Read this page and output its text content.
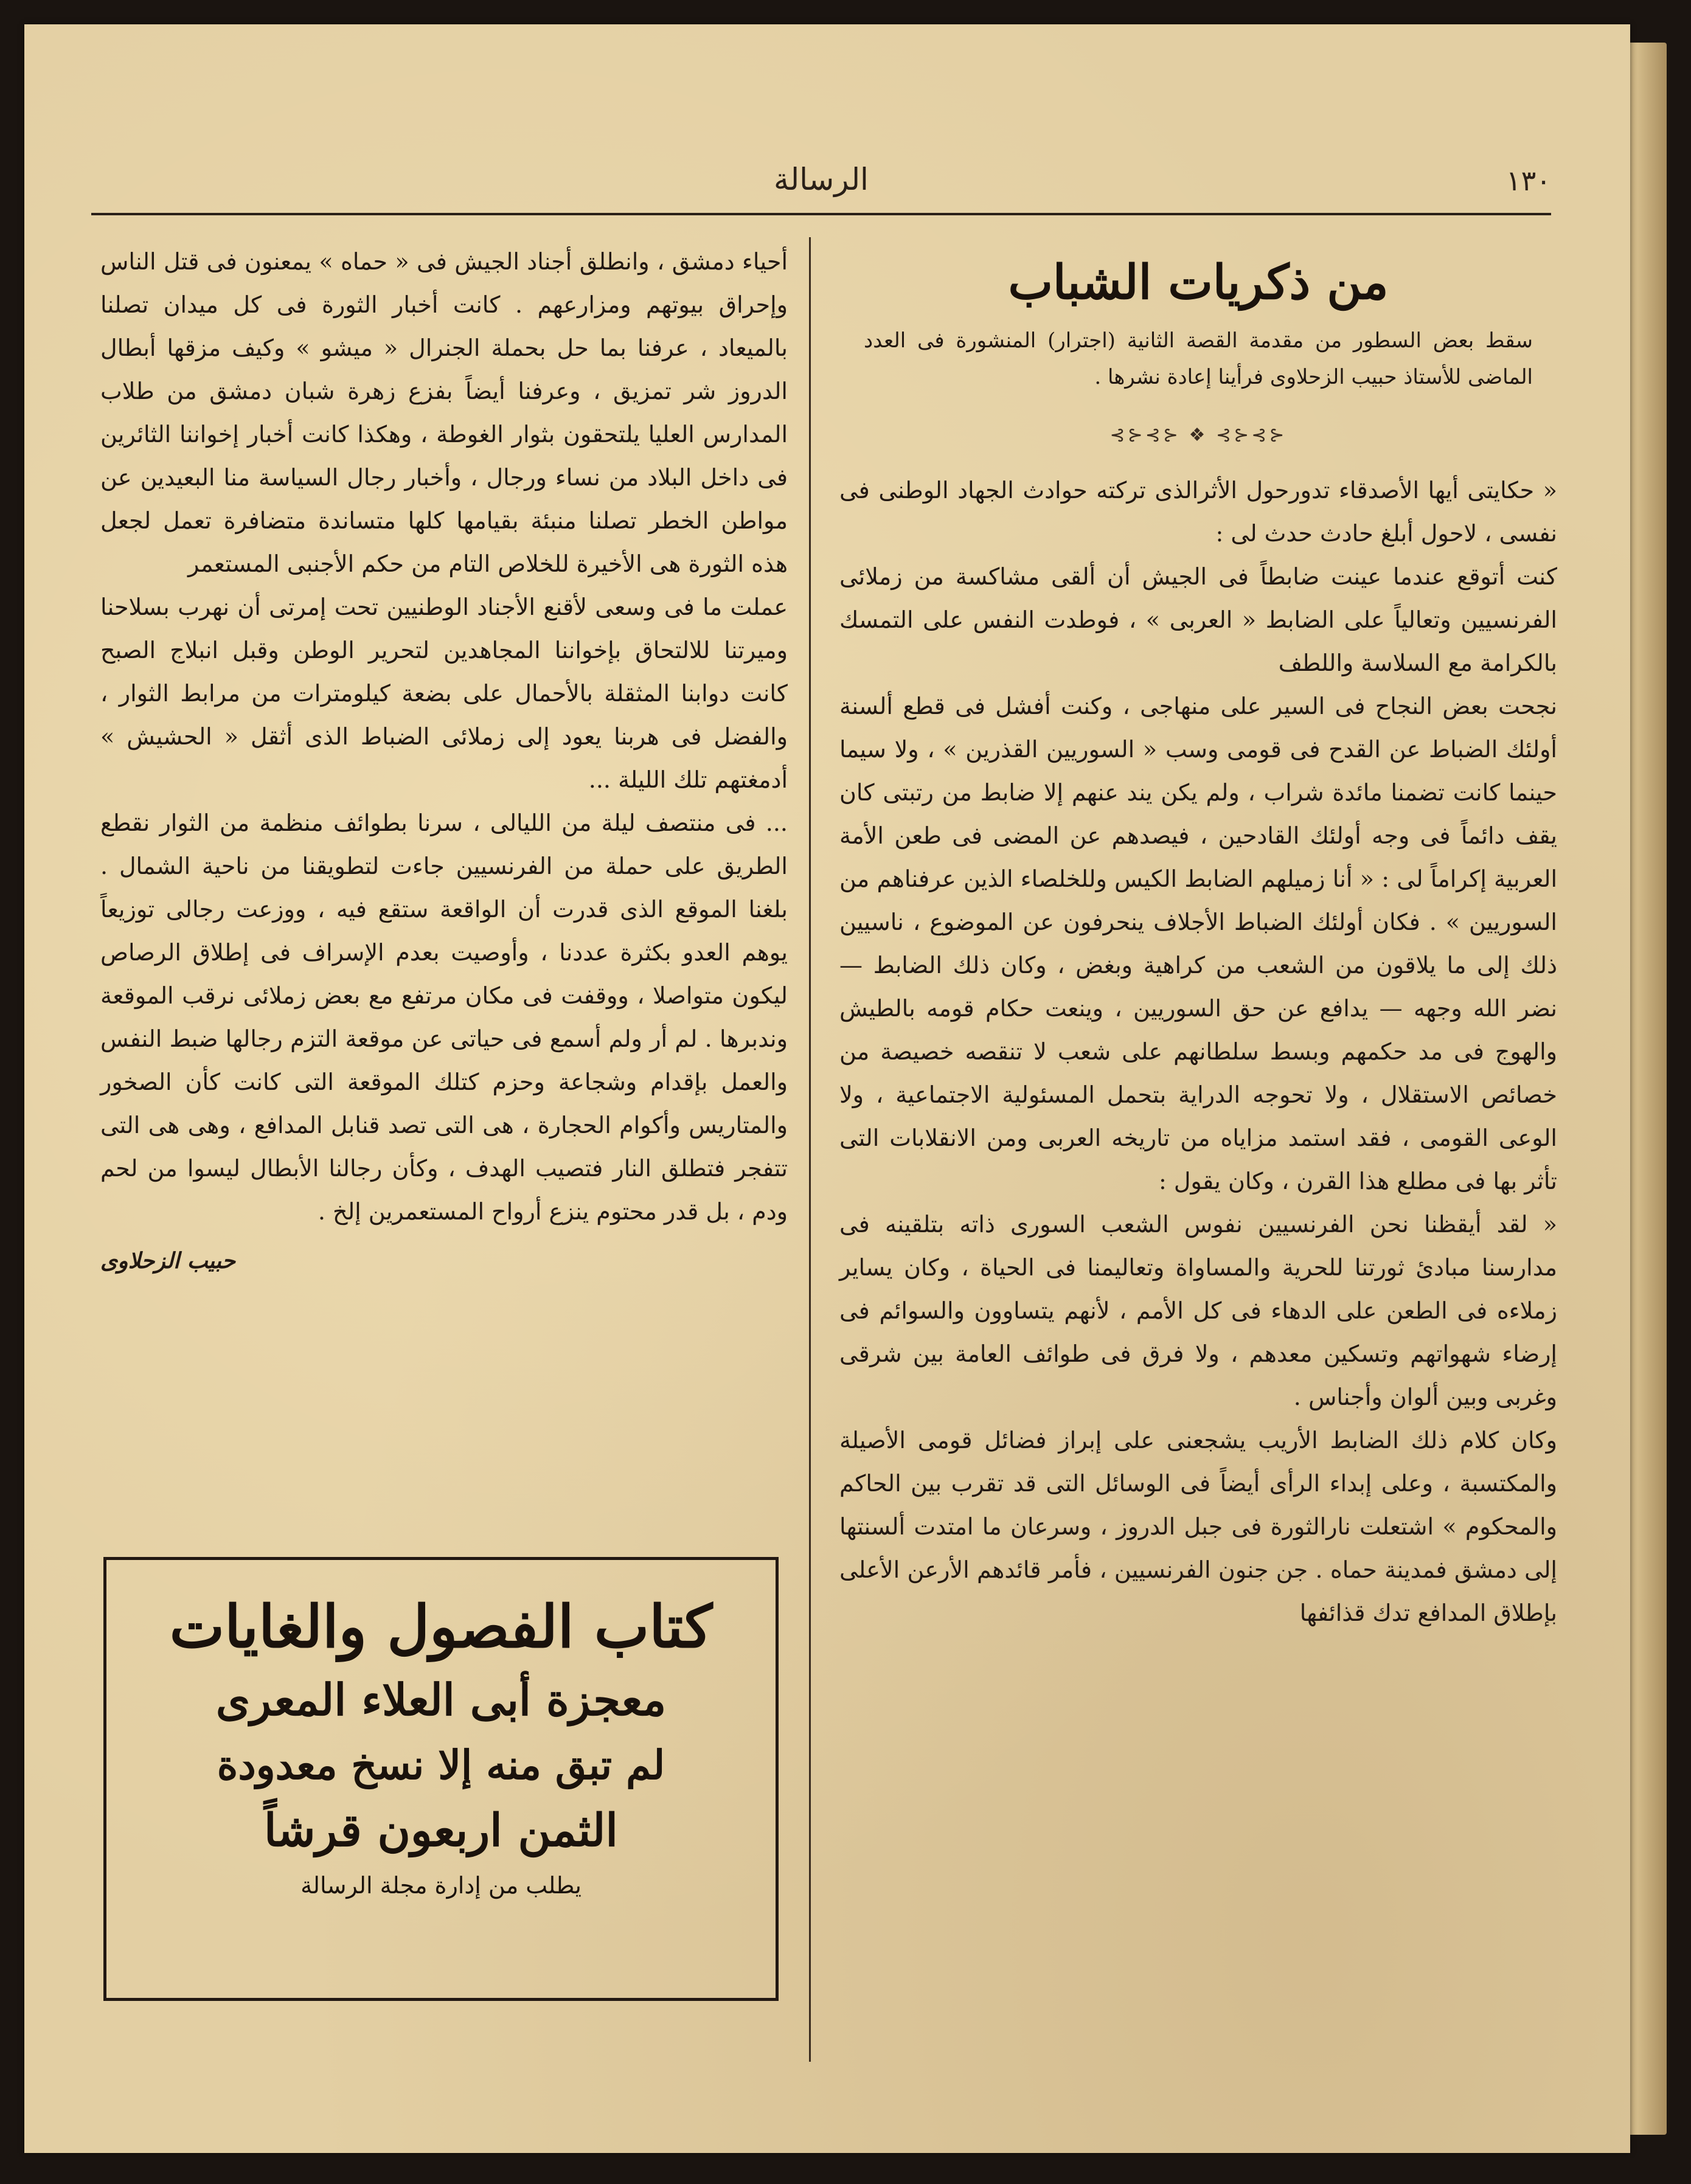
١٣٠
الرسالة
من ذكريات الشباب

سقط بعض السطور من مقدمة القصة الثانية (اجترار) المنشورة فى العدد الماضى للأستاذ حبيب الزحلاوى فرأينا إعادة نشرها .

⊰⊱⊰⊱ ❖ ⊰⊱⊰⊱

« حكايتى أيها الأصدقاء تدورحول الأثرالذى تركته حوادث الجهاد الوطنى فى نفسى ، لاحول أبلغ حادث حدث لى :

كنت أتوقع عندما عينت ضابطاً فى الجيش أن ألقى مشاكسة من زملائى الفرنسيين وتعالياً على الضابط « العربى » ، فوطدت النفس على التمسك بالكرامة مع السلاسة واللطف

نجحت بعض النجاح فى السير على منهاجى ، وكنت أفشل فى قطع ألسنة أولئك الضباط عن القدح فى قومى وسب « السوريين القذرين » ، ولا سيما حينما كانت تضمنا مائدة شراب ، ولم يكن يند عنهم إلا ضابط من رتبتى كان يقف دائماً فى وجه أولئك القادحين ، فيصدهم عن المضى فى طعن الأمة العربية إكراماً لى : « أنا زميلهم الضابط الكيس وللخلصاء الذين عرفناهم من السوريين » . فكان أولئك الضباط الأجلاف ينحرفون عن الموضوع ، ناسيين ذلك إلى ما يلاقون من الشعب من كراهية وبغض ، وكان ذلك الضابط — نضر الله وجهه — يدافع عن حق السوريين ، وينعت حكام قومه بالطيش والهوج فى مد حكمهم وبسط سلطانهم على شعب لا تنقصه خصيصة من خصائص الاستقلال ، ولا تحوجه الدراية بتحمل المسئولية الاجتماعية ، ولا الوعى القومى ، فقد استمد مزاياه من تاريخه العربى ومن الانقلابات التى تأثر بها فى مطلع هذا القرن ، وكان يقول :

« لقد أيقظنا نحن الفرنسيين نفوس الشعب السورى ذاته بتلقينه فى مدارسنا مبادئ ثورتنا للحرية والمساواة وتعاليمنا فى الحياة ، وكان يساير زملاءه فى الطعن على الدهاء فى كل الأمم ، لأنهم يتساوون والسوائم فى إرضاء شهواتهم وتسكين معدهم ، ولا فرق فى طوائف العامة بين شرقى وغربى وبين ألوان وأجناس .

وكان كلام ذلك الضابط الأريب يشجعنى على إبراز فضائل قومى الأصيلة والمكتسبة ، وعلى إبداء الرأى أيضاً فى الوسائل التى قد تقرب بين الحاكم والمحكوم » اشتعلت نارالثورة فى جبل الدروز ، وسرعان ما امتدت ألسنتها إلى دمشق فمدينة حماه . جن جنون الفرنسيين ، فأمر قائدهم الأرعن الأعلى بإطلاق المدافع تدك قذائفها

أحياء دمشق ، وانطلق أجناد الجيش فى « حماه » يمعنون فى قتل الناس وإحراق بيوتهم ومزارعهم . كانت أخبار الثورة فى كل ميدان تصلنا بالميعاد ، عرفنا بما حل بحملة الجنرال « ميشو » وكيف مزقها أبطال الدروز شر تمزيق ، وعرفنا أيضاً بفزع زهرة شبان دمشق من طلاب المدارس العليا يلتحقون بثوار الغوطة ، وهكذا كانت أخبار إخواننا الثائرين فى داخل البلاد من نساء ورجال ، وأخبار رجال السياسة منا البعيدين عن مواطن الخطر تصلنا منبئة بقيامها كلها متساندة متضافرة تعمل لجعل هذه الثورة هى الأخيرة للخلاص التام من حكم الأجنبى المستعمر

عملت ما فى وسعى لأقنع الأجناد الوطنيين تحت إمرتى أن نهرب بسلاحنا وميرتنا للالتحاق بإخواننا المجاهدين لتحرير الوطن وقبل انبلاج الصبح كانت دوابنا المثقلة بالأحمال على بضعة كيلومترات من مرابط الثوار ، والفضل فى هربنا يعود إلى زملائى الضباط الذى أثقل « الحشيش » أدمغتهم تلك الليلة ...

... فى منتصف ليلة من الليالى ، سرنا بطوائف منظمة من الثوار نقطع الطريق على حملة من الفرنسيين جاءت لتطويقنا من ناحية الشمال . بلغنا الموقع الذى قدرت أن الواقعة ستقع فيه ، ووزعت رجالى توزيعاً يوهم العدو بكثرة عددنا ، وأوصيت بعدم الإسراف فى إطلاق الرصاص ليكون متواصلا ، ووقفت فى مكان مرتفع مع بعض زملائى نرقب الموقعة وندبرها . لم أر ولم أسمع فى حياتى عن موقعة التزم رجالها ضبط النفس والعمل بإقدام وشجاعة وحزم كتلك الموقعة التى كانت كأن الصخور والمتاريس وأكوام الحجارة ، هى التى تصد قنابل المدافع ، وهى هى التى تتفجر فتطلق النار فتصيب الهدف ، وكأن رجالنا الأبطال ليسوا من لحم ودم ، بل قدر محتوم ينزع أرواح المستعمرين إلخ .

حبيب الزحلاوى
كتاب الفصول والغايات
معجزة أبى العلاء المعرى
لم تبق منه إلا نسخ معدودة
الثمن اربعون قرشاً
يطلب من إدارة مجلة الرسالة
